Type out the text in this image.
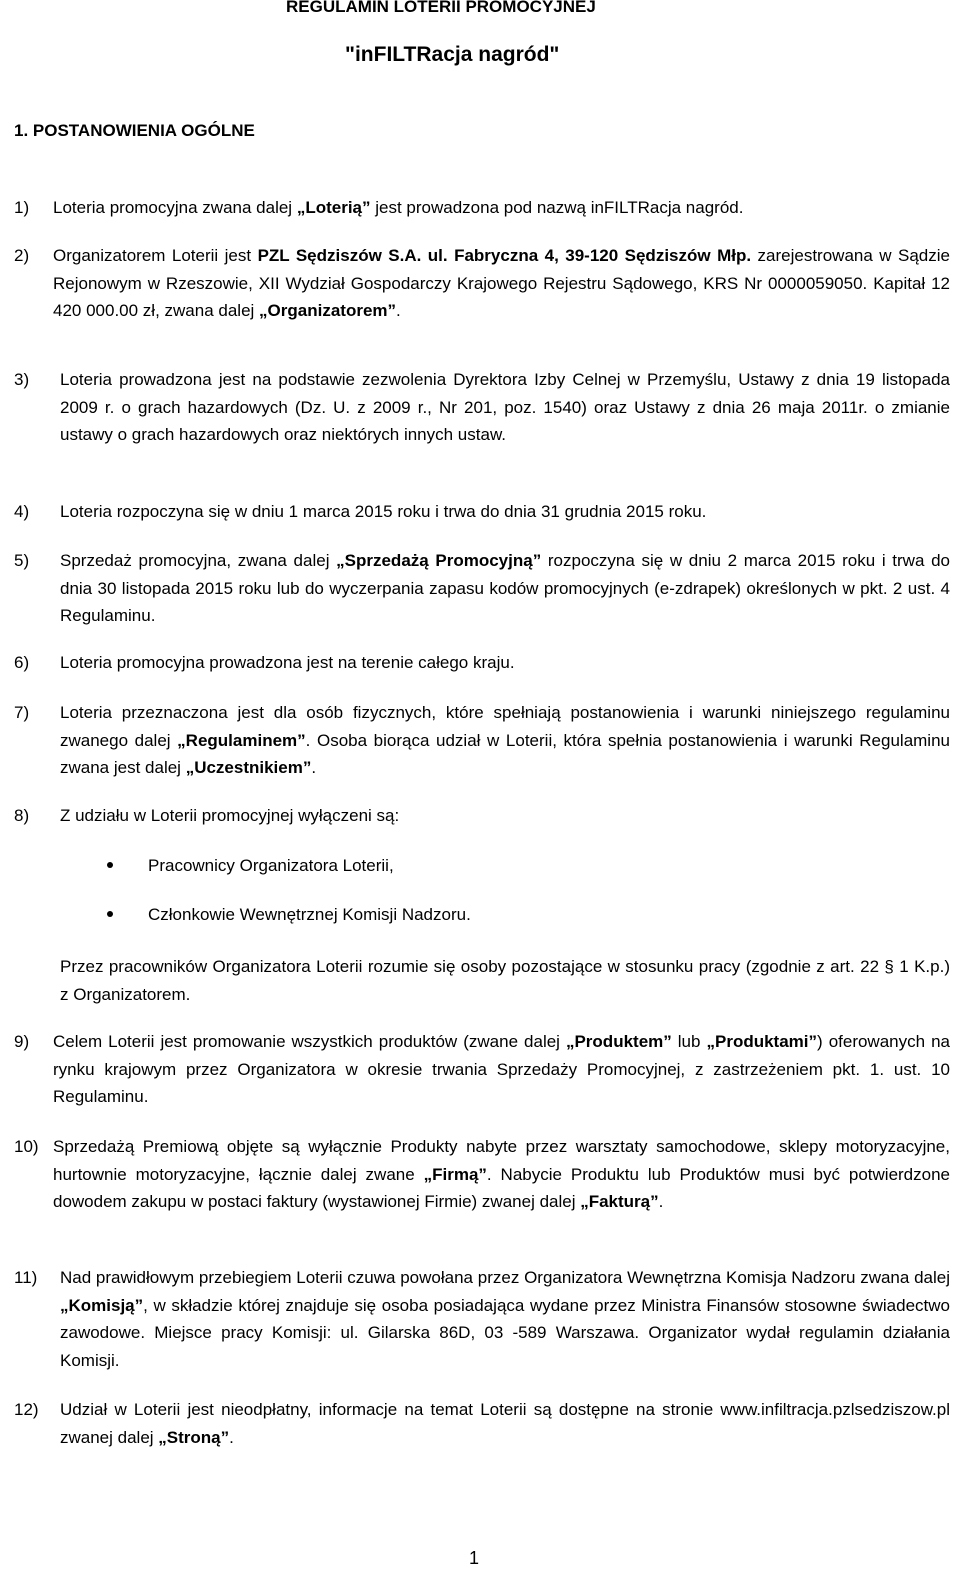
REGULAMIN LOTERII PROMOCYJNEJ
"inFILTRacja nagród"
1. POSTANOWIENIA OGÓLNE
1) Loteria promocyjna zwana dalej „Loterią” jest prowadzona pod nazwą inFILTRacja nagród.
2) Organizatorem Loterii jest PZL Sędziszów S.A. ul. Fabryczna 4, 39-120 Sędziszów Młp. zarejestrowana w Sądzie Rejonowym w Rzeszowie, XII Wydział Gospodarczy Krajowego Rejestru Sądowego, KRS Nr 0000059050. Kapitał 12 420 000.00 zł, zwana dalej „Organizatorem”.
3) Loteria prowadzona jest na podstawie zezwolenia Dyrektora Izby Celnej w Przemyślu, Ustawy z dnia 19 listopada 2009 r. o grach hazardowych (Dz. U. z 2009 r., Nr 201, poz. 1540) oraz Ustawy z dnia 26 maja 2011r. o zmianie ustawy o grach hazardowych oraz niektórych innych ustaw.
4) Loteria rozpoczyna się w dniu 1 marca 2015 roku i trwa do dnia 31 grudnia 2015 roku.
5) Sprzedaż promocyjna, zwana dalej „Sprzedażą Promocyjną” rozpoczyna się w dniu 2 marca 2015 roku i trwa do dnia 30 listopada 2015 roku lub do wyczerpania zapasu kodów promocyjnych (e-zdrapek) określonych w pkt. 2 ust. 4 Regulaminu.
6) Loteria promocyjna prowadzona jest na terenie całego kraju.
7) Loteria przeznaczona jest dla osób fizycznych, które spełniają postanowienia i warunki niniejszego regulaminu zwanego dalej „Regulaminem”. Osoba biorąca udział w Loterii, która spełnia postanowienia i warunki Regulaminu zwana jest dalej „Uczestnikiem”.
8) Z udziału w Loterii promocyjnej wyłączeni są:
Pracownicy Organizatora Loterii,
Członkowie Wewnętrznej Komisji Nadzoru.
Przez pracowników Organizatora Loterii rozumie się osoby pozostające w stosunku pracy (zgodnie z art. 22 § 1 K.p.) z Organizatorem.
9) Celem Loterii jest promowanie wszystkich produktów (zwane dalej „Produktem” lub „Produktami”) oferowanych na rynku krajowym przez Organizatora w okresie trwania Sprzedaży Promocyjnej, z zastrzeżeniem pkt. 1. ust. 10 Regulaminu.
10) Sprzedażą Premiową objęte są wyłącznie Produkty nabyte przez warsztaty samochodowe, sklepy motoryzacyjne, hurtownie motoryzacyjne, łącznie dalej zwane „Firmą”. Nabycie Produktu lub Produktów musi być potwierdzone dowodem zakupu w postaci faktury (wystawionej Firmie) zwanej dalej „Fakturą”.
11) Nad prawidłowym przebiegiem Loterii czuwa powołana przez Organizatora Wewnętrzna Komisja Nadzoru zwana dalej „Komisją”, w składzie której znajduje się osoba posiadająca wydane przez Ministra Finansów stosowne świadectwo zawodowe. Miejsce pracy Komisji: ul. Gilarska 86D, 03 -589 Warszawa. Organizator wydał regulamin działania Komisji.
12) Udział w Loterii jest nieodpłatny, informacje na temat Loterii są dostępne na stronie www.infiltracja.pzlsedziszow.pl zwanej dalej „Stroną”.
1
